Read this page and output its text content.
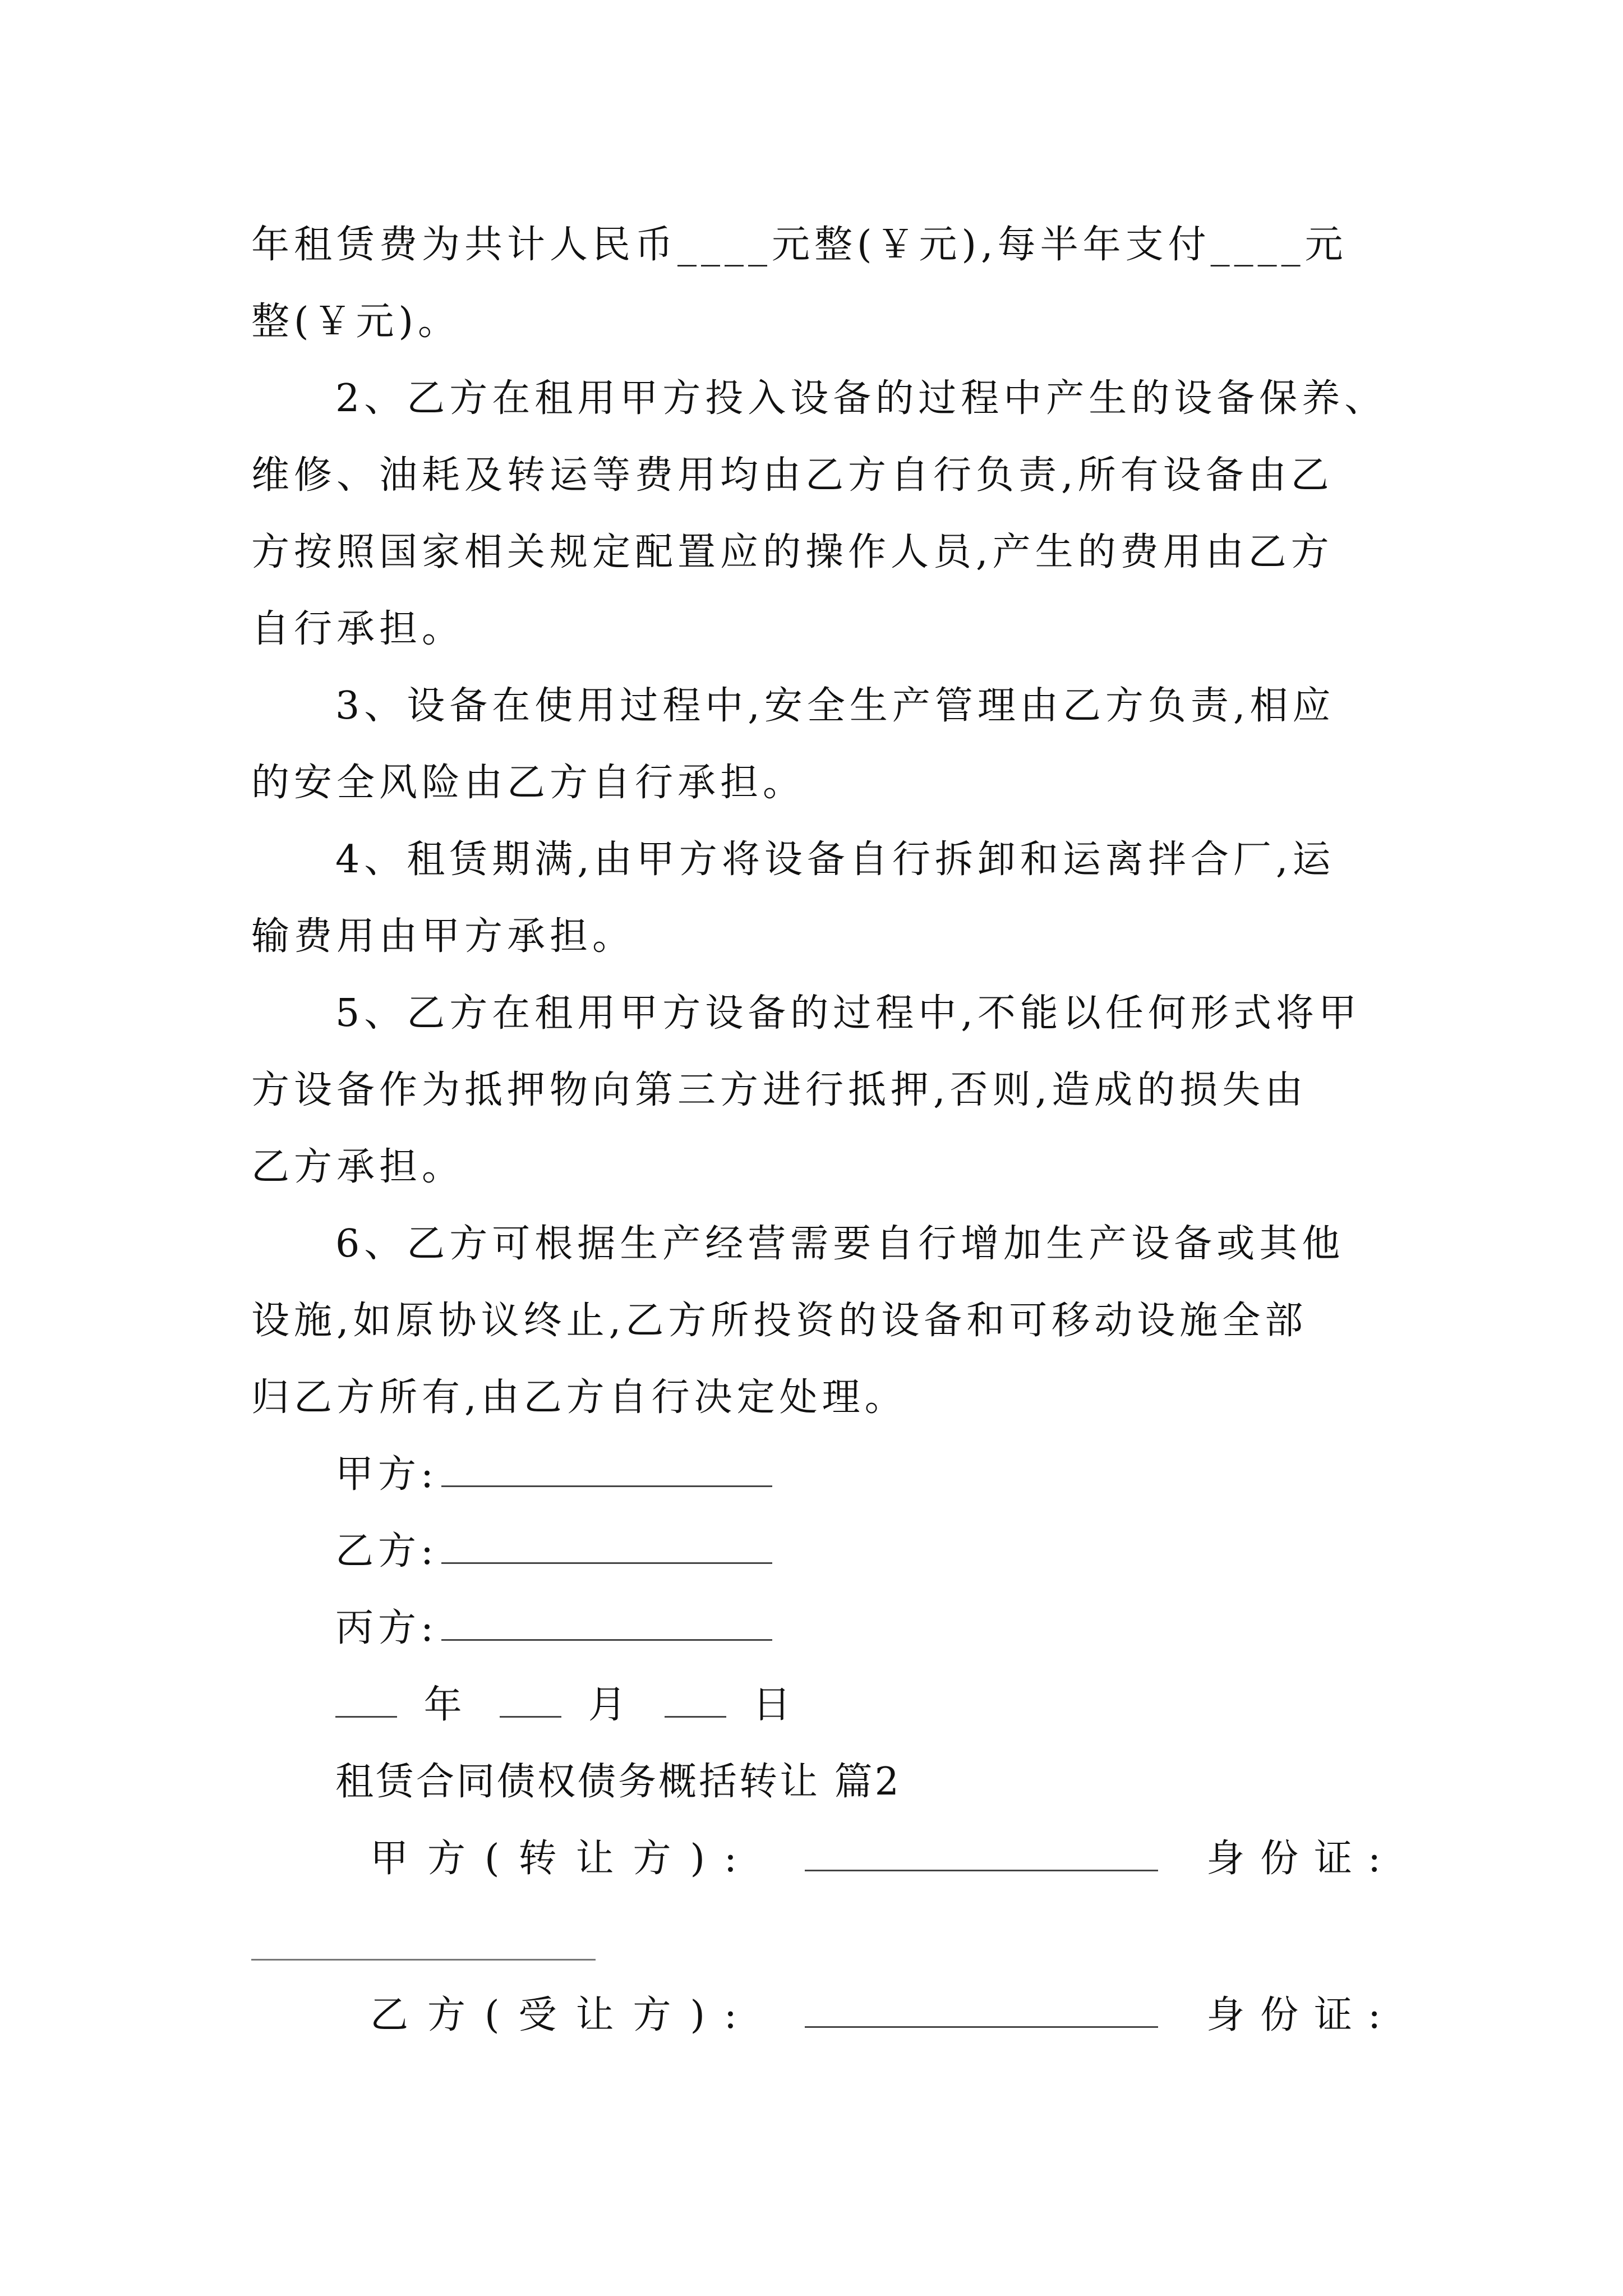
年租赁费为共计人民币____元整(￥元),每半年支付____元
整(￥元)。
2、乙方在租用甲方投入设备的过程中产生的设备保养、
维修、油耗及转运等费用均由乙方自行负责,所有设备由乙
方按照国家相关规定配置应的操作人员,产生的费用由乙方
自行承担。
3、设备在使用过程中,安全生产管理由乙方负责,相应
的安全风险由乙方自行承担。
4、租赁期满,由甲方将设备自行拆卸和运离拌合厂,运
输费用由甲方承担。
5、乙方在租用甲方设备的过程中,不能以任何形式将甲
方设备作为抵押物向第三方进行抵押,否则,造成的损失由
乙方承担。
6、乙方可根据生产经营需要自行增加生产设备或其他
设施,如原协议终止,乙方所投资的设备和可移动设施全部
归乙方所有,由乙方自行决定处理。
甲方:
乙方:
丙方:
年	月	日
租赁合同债权债务概括转让 篇2
甲方(转让方):	身份证:
乙方(受让方):	身份证:
